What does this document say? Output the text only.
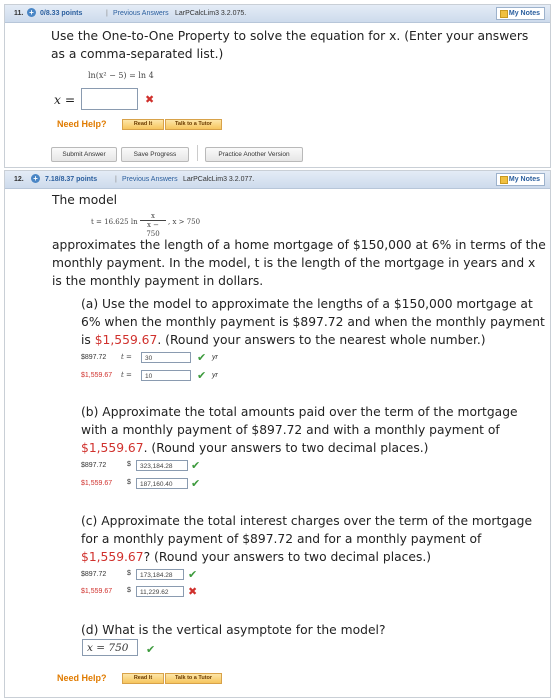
11. + 0/8.33 points	| Previous Answers LarPCalcLim3 3.2.075.	My Notes
Use the One-to-One Property to solve the equation for x. (Enter your answers as a comma-separated list.)
ln(x² − 5) = ln 4
x =	✖
Need Help?	Read It	Talk to a Tutor
Submit Answer	Save Progress	Practice Another Version
12. +	7.18/8.37 points	| Previous Answers LarPCalcLim3 3.2.077.	My Notes
The model
t = 16.625 $\ln \frac{x}{x - 750}$ , x > 750
approximates the length of a home mortgage of $150,000 at 6% in terms of the monthly payment. In the model, t is the length of the mortgage in years and x is the monthly payment in dollars.
(a) Use the model to approximate the lengths of a $150,000 mortgage at 6% when the monthly payment is $897.72 and when the monthly payment is $1,559.67. (Round your answers to the nearest whole number.)
$897.72 t =	30	✔ yr
$1,559.67 t =	10	✔ yr
(b) Approximate the total amounts paid over the term of the mortgage with a monthly payment of $897.72 and with a monthly payment of $1,559.67. (Round your answers to two decimal places.)
$897.72	$	323,184.28	✔
$1,559.67 $	187,160.40	✔
(c) Approximate the total interest charges over the term of the mortgage for a monthly payment of $897.72 and for a monthly payment of $1,559.67? (Round your answers to two decimal places.)
$897.72	$	173,184.28	✔
$1,559.67 $	11,229.62	✖
(d) What is the vertical asymptote for the model?
x = 750	✔
Need Help?	Read It	Talk to a Tutor
